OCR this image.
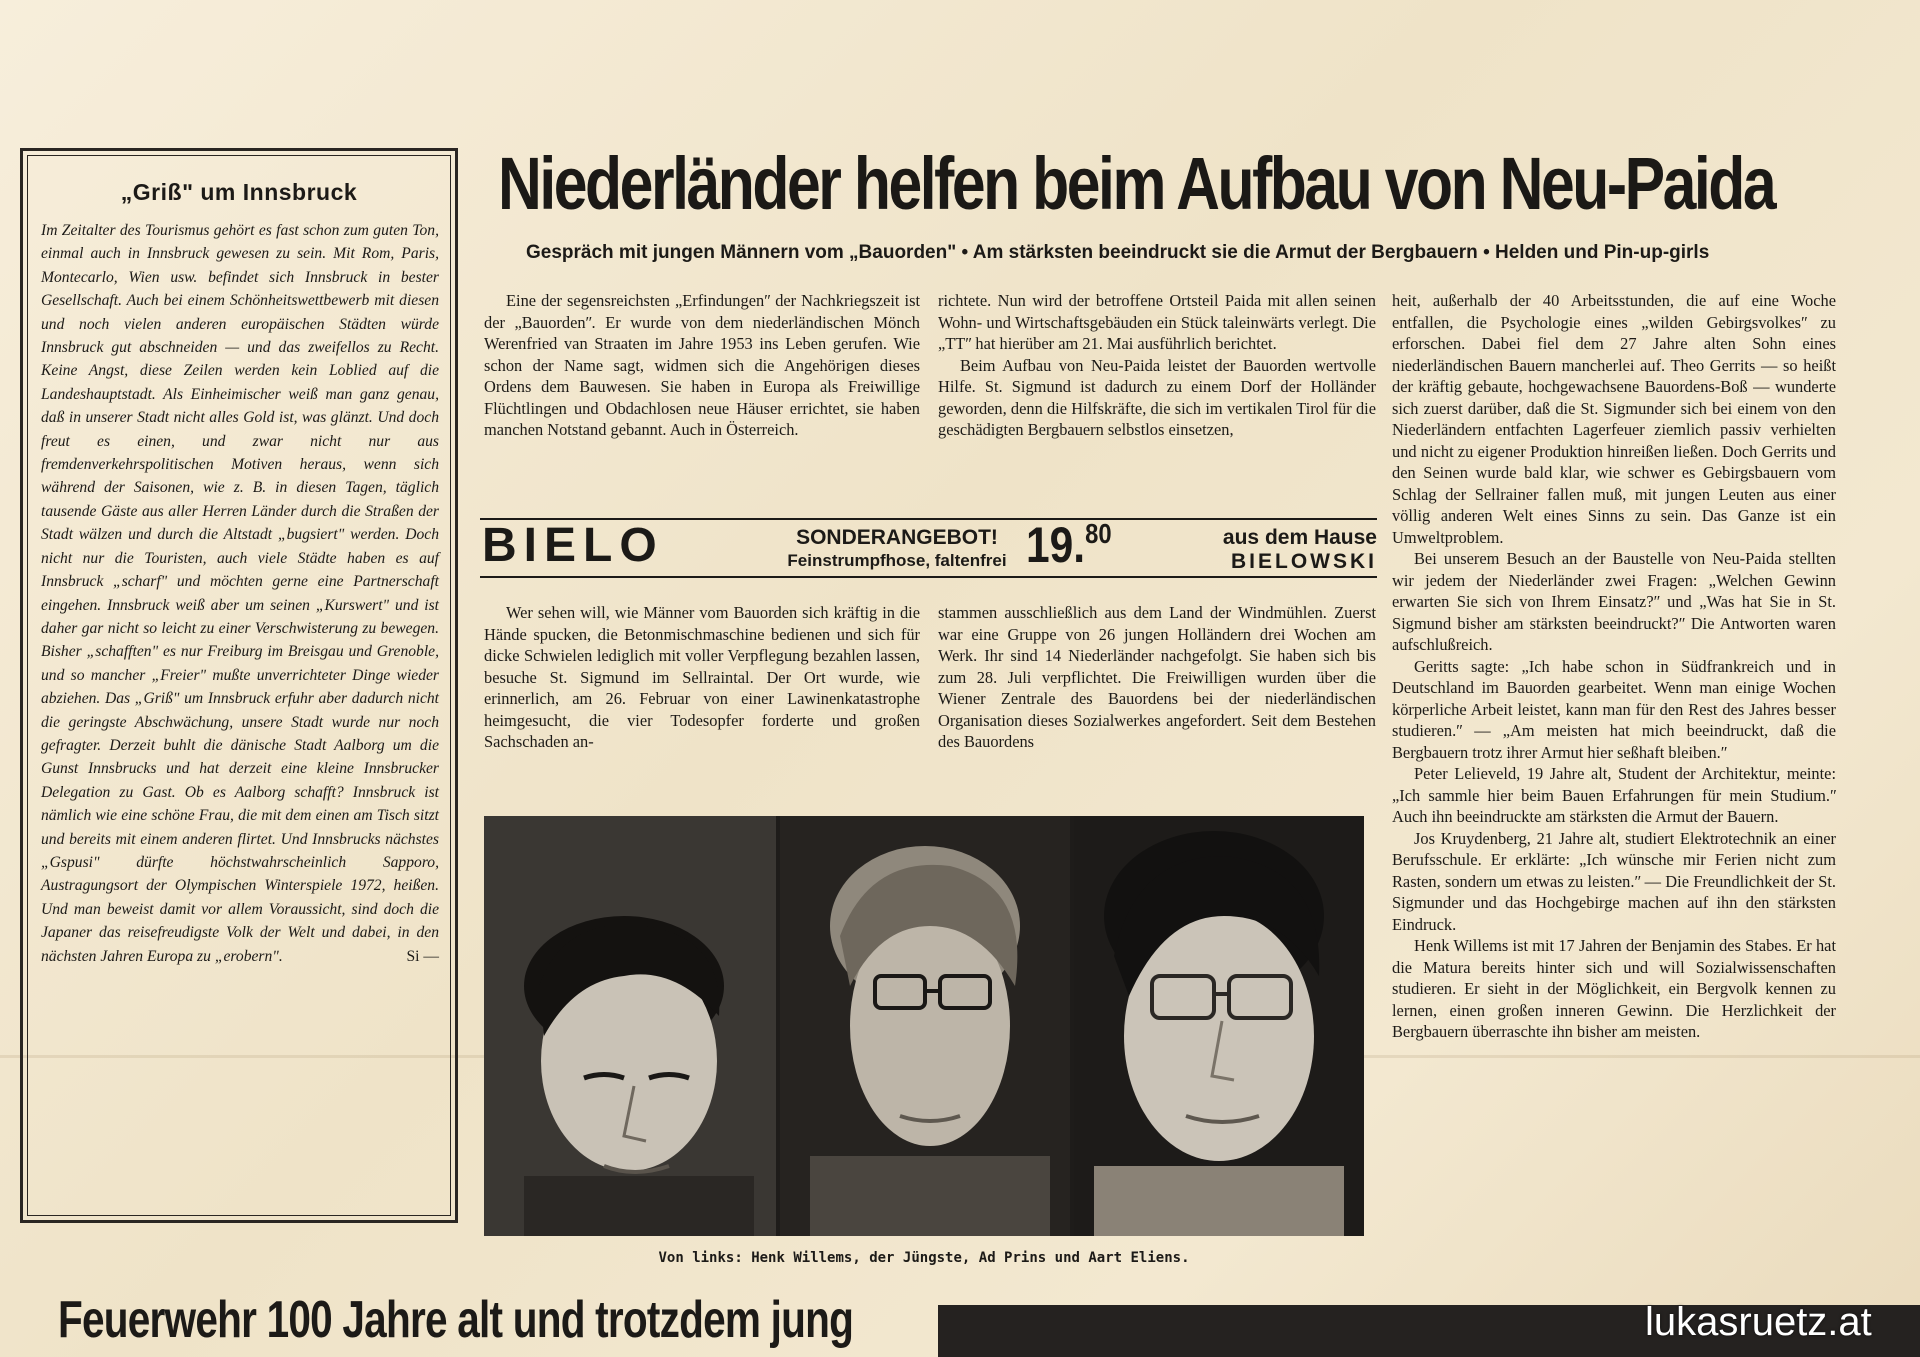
„Grißʺ um Innsbruck
Im Zeitalter des Tourismus gehört es fast schon zum guten Ton, einmal auch in Innsbruck gewesen zu sein. Mit Rom, Paris, Montecarlo, Wien usw. befindet sich Innsbruck in bester Gesellschaft. Auch bei einem Schönheitswettbewerb mit diesen und noch vielen anderen europäischen Städten würde Innsbruck gut abschneiden — und das zweifellos zu Recht. Keine Angst, diese Zeilen werden kein Loblied auf die Landeshauptstadt. Als Einheimischer weiß man ganz genau, daß in unserer Stadt nicht alles Gold ist, was glänzt. Und doch freut es einen, und zwar nicht nur aus fremdenverkehrspolitischen Motiven heraus, wenn sich während der Saisonen, wie z. B. in diesen Tagen, täglich tausende Gäste aus aller Herren Länder durch die Straßen der Stadt wälzen und durch die Altstadt „bugsiertʺ werden. Doch nicht nur die Touristen, auch viele Städte haben es auf Innsbruck „scharfʺ und möchten gerne eine Partnerschaft eingehen. Innsbruck weiß aber um seinen „Kurswertʺ und ist daher gar nicht so leicht zu einer Verschwisterung zu bewegen. Bisher „schafftenʺ es nur Freiburg im Breisgau und Grenoble, und so mancher „Freierʺ mußte unverrichteter Dinge wieder abziehen. Das „Grißʺ um Innsbruck erfuhr aber dadurch nicht die geringste Abschwächung, unsere Stadt wurde nur noch gefragter. Derzeit buhlt die dänische Stadt Aalborg um die Gunst Innsbrucks und hat derzeit eine kleine Innsbrucker Delegation zu Gast. Ob es Aalborg schafft? Innsbruck ist nämlich wie eine schöne Frau, die mit dem einen am Tisch sitzt und bereits mit einem anderen flirtet. Und Innsbrucks nächstes „Gspusiʺ dürfte höchstwahrscheinlich Sapporo, Austragungsort der Olympischen Winterspiele 1972, heißen. Und man beweist damit vor allem Voraussicht, sind doch die Japaner das reisefreudigste Volk der Welt und dabei, in den nächsten Jahren Europa zu „erobernʺ.	Si —
Niederländer helfen beim Aufbau von Neu-Paida
Gespräch mit jungen Männern vom „Bauordenʺ • Am stärksten beeindruckt sie die Armut der Bergbauern • Helden und Pin-up-girls

Eine der segensreichsten „Erfindungenʺ der Nachkriegszeit ist der „Bauordenʺ. Er wurde von dem niederländischen Mönch Werenfried van Straaten im Jahre 1953 ins Leben gerufen. Wie schon der Name sagt, widmen sich die Angehörigen dieses Ordens dem Bauwesen. Sie haben in Europa als Freiwillige Flüchtlingen und Obdachlosen neue Häuser errichtet, sie haben manchen Notstand gebannt. Auch in Österreich.

richtete. Nun wird der betroffene Ortsteil Paida mit allen seinen Wohn- und Wirtschaftsgebäuden ein Stück taleinwärts verlegt. Die „TTʺ hat hierüber am 21. Mai ausführlich berichtet.

Beim Aufbau von Neu-Paida leistet der Bauorden wertvolle Hilfe. St. Sigmund ist dadurch zu einem Dorf der Holländer geworden, denn die Hilfskräfte, die sich im vertikalen Tirol für die geschädigten Bergbauern selbstlos einsetzen,

BIELO	SONDERANGEBOT!
Feinstrumpfhose, faltenfrei 19.80	aus dem Hause
BIELOWSKI

Wer sehen will, wie Männer vom Bauorden sich kräftig in die Hände spucken, die Betonmischmaschine bedienen und sich für dicke Schwielen lediglich mit voller Verpflegung bezahlen lassen, besuche St. Sigmund im Sellraintal. Der Ort wurde, wie erinnerlich, am 26. Februar von einer Lawinenkatastrophe heimgesucht, die vier Todesopfer forderte und großen Sachschaden an-

stammen ausschließlich aus dem Land der Windmühlen. Zuerst war eine Gruppe von 26 jungen Holländern drei Wochen am Werk. Ihr sind 14 Niederländer nachgefolgt. Sie haben sich bis zum 28. Juli verpflichtet. Die Freiwilligen wurden über die Wiener Zentrale des Bauordens bei der niederländischen Organisation dieses Sozialwerkes angefordert. Seit dem Bestehen des Bauordens

heit, außerhalb der 40 Arbeitsstunden, die auf eine Woche entfallen, die Psychologie eines „wilden Gebirgsvolkesʺ zu erforschen. Dabei fiel dem 27 Jahre alten Sohn eines niederländischen Bauern mancherlei auf. Theo Gerrits — so heißt der kräftig gebaute, hochgewachsene Bauordens-Boß — wunderte sich zuerst darüber, daß die St. Sigmunder sich bei einem von den Niederländern entfachten Lagerfeuer ziemlich passiv verhielten und nicht zu eigener Produktion hinreißen ließen. Doch Gerrits und den Seinen wurde bald klar, wie schwer es Gebirgsbauern vom Schlag der Sellrainer fallen muß, mit jungen Leuten aus einer völlig anderen Welt eines Sinns zu sein. Das Ganze ist ein Umweltproblem.

Bei unserem Besuch an der Baustelle von Neu-Paida stellten wir jedem der Niederländer zwei Fragen: „Welchen Gewinn erwarten Sie sich von Ihrem Einsatz?ʺ und „Was hat Sie in St. Sigmund bisher am stärksten beeindruckt?ʺ Die Antworten waren aufschlußreich.

Geritts sagte: „Ich habe schon in Südfrankreich und in Deutschland im Bauorden gearbeitet. Wenn man einige Wochen körperliche Arbeit leistet, kann man für den Rest des Jahres besser studieren.ʺ — „Am meisten hat mich beeindruckt, daß die Bergbauern trotz ihrer Armut hier seßhaft bleiben.ʺ

Peter Lelieveld, 19 Jahre alt, Student der Architektur, meinte: „Ich sammle hier beim Bauen Erfahrungen für mein Studium.ʺ Auch ihn beeindruckte am stärksten die Armut der Bauern.

Jos Kruydenberg, 21 Jahre alt, studiert Elektrotechnik an einer Berufsschule. Er erklärte: „Ich wünsche mir Ferien nicht zum Rasten, sondern um etwas zu leisten.ʺ — Die Freundlichkeit der St. Sigmunder und das Hochgebirge machen auf ihn den stärksten Eindruck.

Henk Willems ist mit 17 Jahren der Benjamin des Stabes. Er hat die Matura bereits hinter sich und will Sozialwissenschaften studieren. Er sieht in der Möglichkeit, ein Bergvolk kennen zu lernen, einen großen inneren Gewinn. Die Herzlichkeit der Bergbauern überraschte ihn bisher am meisten.

Von links: Henk Willems, der Jüngste, Ad Prins und Aart Eliens.
Feuerwehr 100 Jahre alt und trotzdem jung	lukasruetz.at
